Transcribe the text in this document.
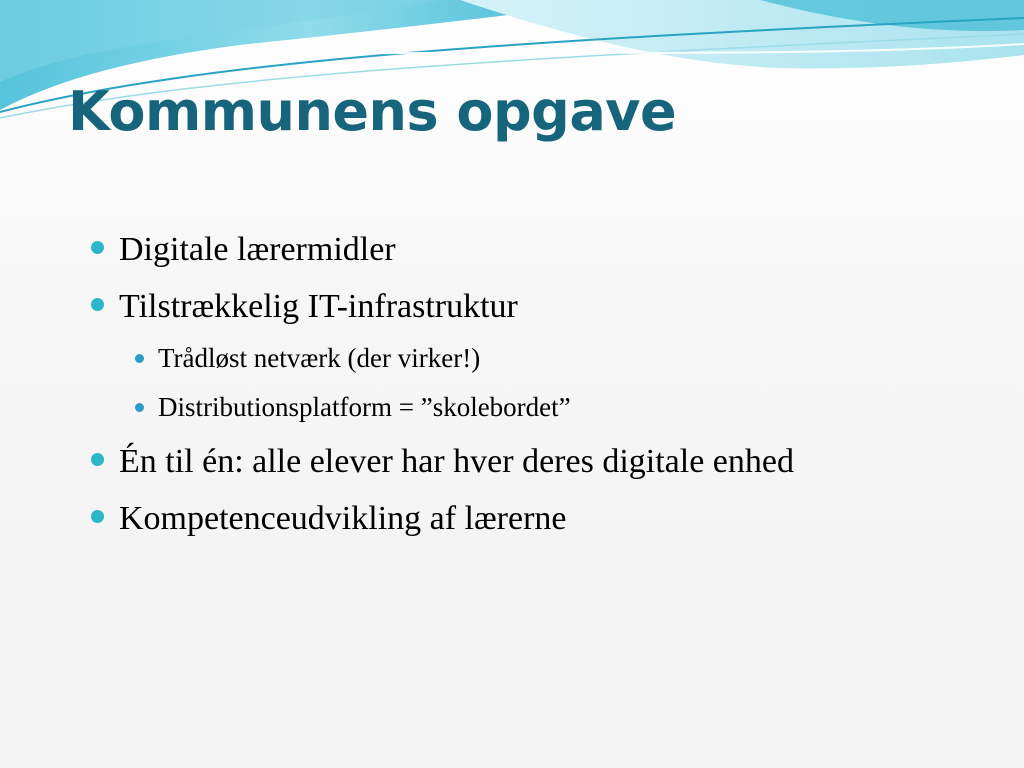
Kommunens opgave
Digitale lærermidler
Tilstrækkelig IT-infrastruktur
Trådløst netværk (der virker!)
Distributionsplatform = ”skolebordet”
Én til én: alle elever har hver deres digitale enhed
Kompetenceudvikling af lærerne
